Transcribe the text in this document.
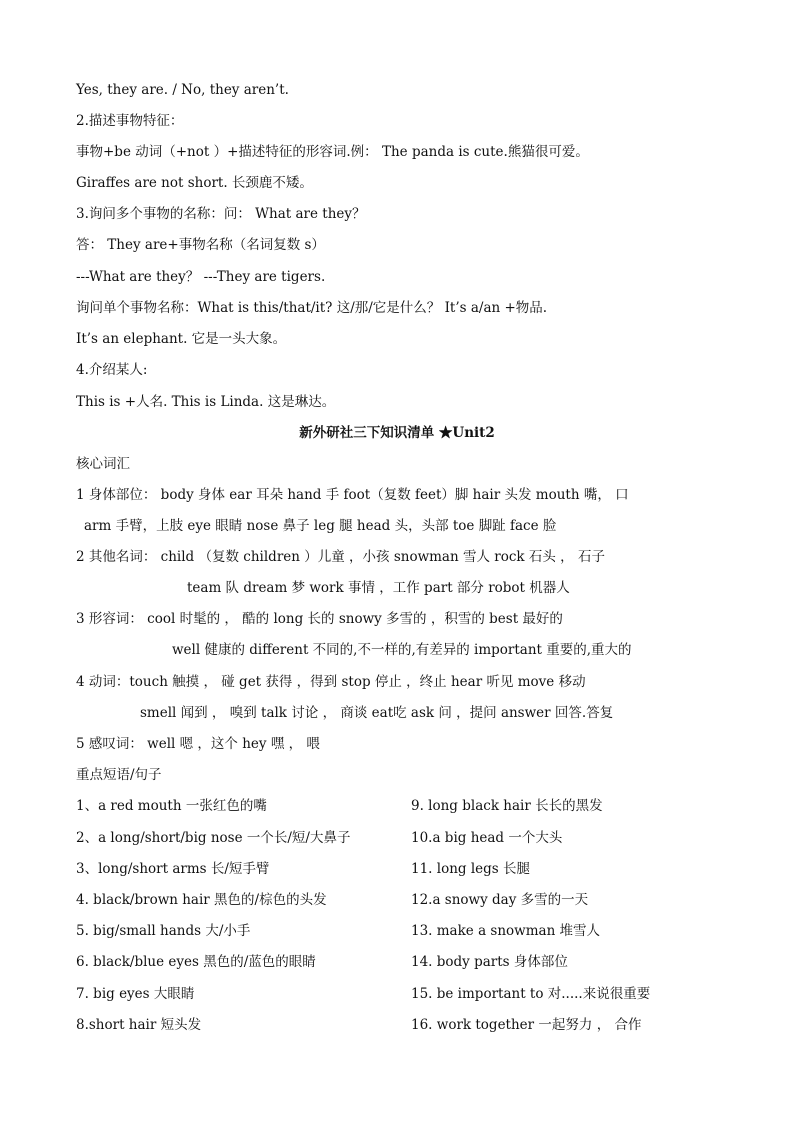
Yes, they are. / No, they aren’t.
2.描述事物特征：
事物+be 动词（+not ）+描述特征的形容词.例： The panda is cute.熊猫很可爱。
Giraffes are not short. 长颈鹿不矮。
3.询问多个事物的名称：问： What are they？
答： They are+事物名称（名词复数 s）
---What are they？ ---They are tigers.
询问单个事物名称：What is this/that/it? 这/那/它是什么？ It’s a/an +物品.
It’s an elephant. 它是一头大象。
4.介绍某人:
This is +人名. This is Linda. 这是琳达。
新外研社三下知识清单 ★Unit2
核心词汇
1 身体部位： body 身体 ear 耳朵 hand 手 foot（复数 feet）脚 hair 头发 mouth 嘴， 口
arm 手臂，上肢 eye 眼睛 nose 鼻子 leg 腿 head 头，头部 toe 脚趾 face 脸
2 其他名词： child （复数 children ）儿童 ，小孩 snowman 雪人 rock 石头 ， 石子
team 队 dream 梦 work 事情 ，工作 part 部分 robot 机器人
3 形容词： cool 时髦的 ， 酷的 long 长的 snowy 多雪的 ，积雪的 best 最好的
well 健康的 different 不同的,不一样的,有差异的 important 重要的,重大的
4 动词：touch 触摸 ， 碰 get 获得 ，得到 stop 停止 ，终止 hear 听见 move 移动
smell 闻到 ， 嗅到 talk 讨论 ， 商谈 eat吃 ask 问 ，提问 answer 回答.答复
5 感叹词： well 嗯 ，这个 hey 嘿 ， 喂
重点短语/句子
1、a red mouth 一张红色的嘴
2、a long/short/big nose 一个长/短/大鼻子
3、long/short arms 长/短手臂
4. black/brown hair 黑色的/棕色的头发
5. big/small hands 大/小手
6. black/blue eyes 黑色的/蓝色的眼睛
7. big eyes 大眼睛
8.short hair 短头发
9. long black hair 长长的黑发
10.a big head 一个大头
11. long legs 长腿
12.a snowy day 多雪的一天
13. make a snowman 堆雪人
14. body parts 身体部位
15. be important to 对.....来说很重要
16. work together 一起努力 ， 合作
